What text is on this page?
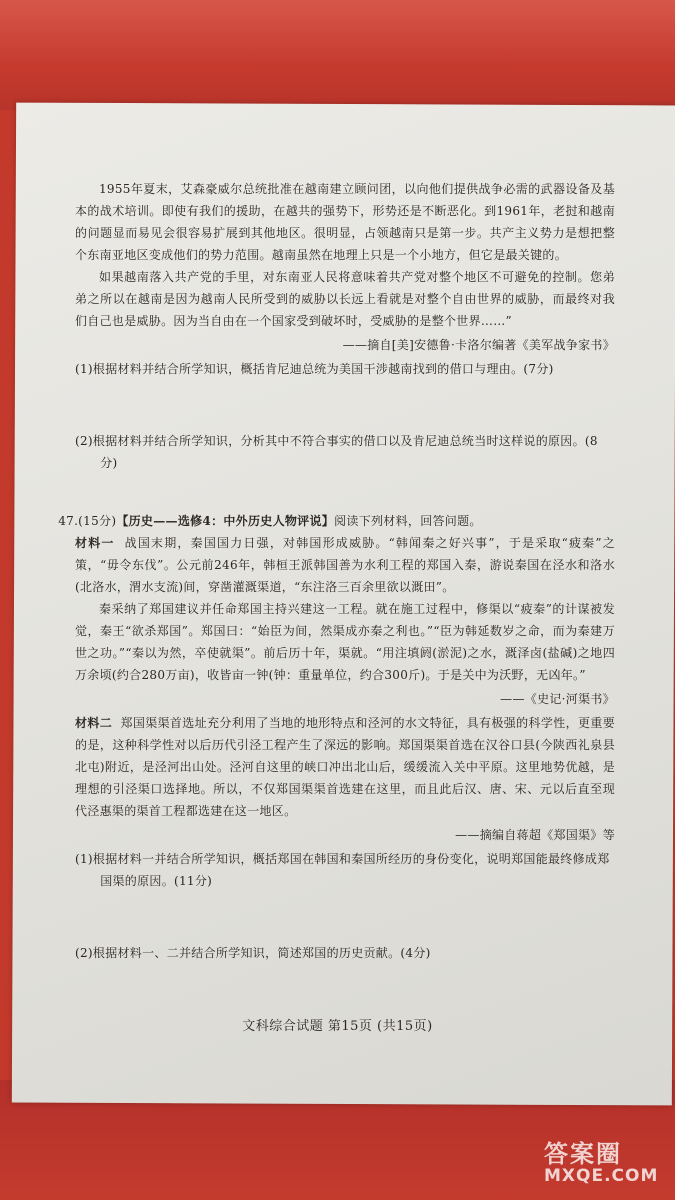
1955年夏末，艾森豪威尔总统批准在越南建立顾问团，以向他们提供战争必需的武器设备及基本的战术培训。即使有我们的援助，在越共的强势下，形势还是不断恶化。到1961年，老挝和越南的问题显而易见会很容易扩展到其他地区。很明显，占领越南只是第一步。共产主义势力是想把整个东南亚地区变成他们的势力范围。越南虽然在地理上只是一个小地方，但它是最关键的。

如果越南落入共产党的手里，对东南亚人民将意味着共产党对整个地区不可避免的控制。您弟弟之所以在越南是因为越南人民所受到的威胁以长远上看就是对整个自由世界的威胁，而最终对我们自己也是威胁。因为当自由在一个国家受到破坏时，受威胁的是整个世界……”

——摘自[美]安德鲁·卡洛尔编著《美军战争家书》

(1)根据材料并结合所学知识，概括肯尼迪总统为美国干涉越南找到的借口与理由。(7分)

(2)根据材料并结合所学知识，分析其中不符合事实的借口以及肯尼迪总统当时这样说的原因。(8分)

47.(15分)【历史——选修4：中外历史人物评说】阅读下列材料，回答问题。

材料一 战国末期，秦国国力日强，对韩国形成威胁。“韩闻秦之好兴事”，于是采取“疲秦”之策，“毋令东伐”。公元前246年，韩桓王派韩国善为水利工程的郑国入秦，游说秦国在泾水和洛水(北洛水，渭水支流)间，穿凿灌溉渠道，“东注洛三百余里欲以溉田”。

秦采纳了郑国建议并任命郑国主持兴建这一工程。就在施工过程中，修渠以“疲秦”的计谋被发觉，秦王“欲杀郑国”。郑国曰：“始臣为间，然渠成亦秦之利也。”“臣为韩延数岁之命，而为秦建万世之功。”“秦以为然，卒使就渠”。前后历十年，渠就。“用注填阏(淤泥)之水，溉泽卤(盐碱)之地四万余顷(约合280万亩)，收皆亩一钟(钟：重量单位，约合300斤)。于是关中为沃野，无凶年。”

——《史记·河渠书》

材料二 郑国渠渠首选址充分利用了当地的地形特点和泾河的水文特征，具有极强的科学性，更重要的是，这种科学性对以后历代引泾工程产生了深远的影响。郑国渠渠首选在汉谷口县(今陕西礼泉县北屯)附近，是泾河出山处。泾河自这里的峡口冲出北山后，缓缓流入关中平原。这里地势优越，是理想的引泾渠口选择地。所以，不仅郑国渠渠首选建在这里，而且此后汉、唐、宋、元以后直至现代泾惠渠的渠首工程都选建在这一地区。

——摘编自蒋超《郑国渠》等

(1)根据材料一并结合所学知识，概括郑国在韩国和秦国所经历的身份变化，说明郑国能最终修成郑国渠的原因。(11分)

(2)根据材料一、二并结合所学知识，简述郑国的历史贡献。(4分)

文科综合试题 第15页 (共15页)
答案圈
MXQE.COM
